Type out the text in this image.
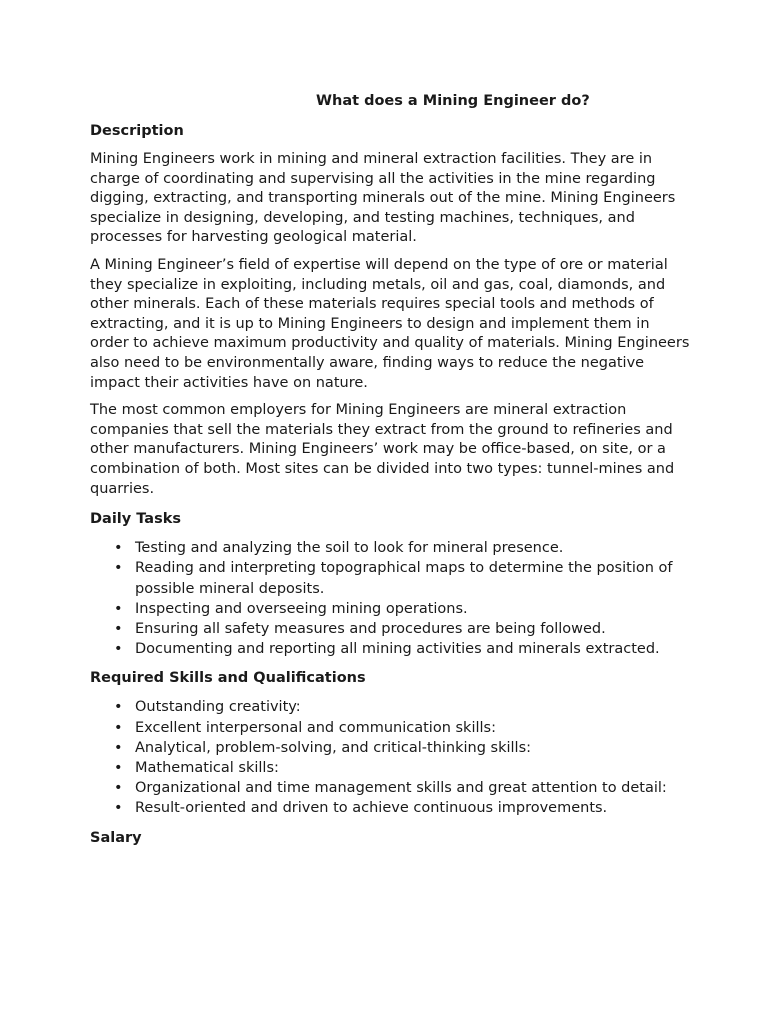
What does a Mining Engineer do?
Description

Mining Engineers work in mining and mineral extraction facilities. They are in charge of coordinating and supervising all the activities in the mine regarding digging, extracting, and transporting minerals out of the mine. Mining Engineers specialize in designing, developing, and testing machines, techniques, and processes for harvesting geological material.

A Mining Engineer’s field of expertise will depend on the type of ore or material they specialize in exploiting, including metals, oil and gas, coal, diamonds, and other minerals. Each of these materials requires special tools and methods of extracting, and it is up to Mining Engineers to design and implement them in order to achieve maximum productivity and quality of materials. Mining Engineers also need to be environmentally aware, finding ways to reduce the negative impact their activities have on nature.

The most common employers for Mining Engineers are mineral extraction companies that sell the materials they extract from the ground to refineries and other manufacturers. Mining Engineers’ work may be office-based, on site, or a combination of both. Most sites can be divided into two types: tunnel-mines and quarries.

Daily Tasks
• Testing and analyzing the soil to look for mineral presence.
• Reading and interpreting topographical maps to determine the position of possible mineral deposits.
• Inspecting and overseeing mining operations.
• Ensuring all safety measures and procedures are being followed.
• Documenting and reporting all mining activities and minerals extracted.
Required Skills and Qualifications
• Outstanding creativity:
• Excellent interpersonal and communication skills:
• Analytical, problem-solving, and critical-thinking skills:
• Mathematical skills:
• Organizational and time management skills and great attention to detail:
• Result-oriented and driven to achieve continuous improvements.
Salary
